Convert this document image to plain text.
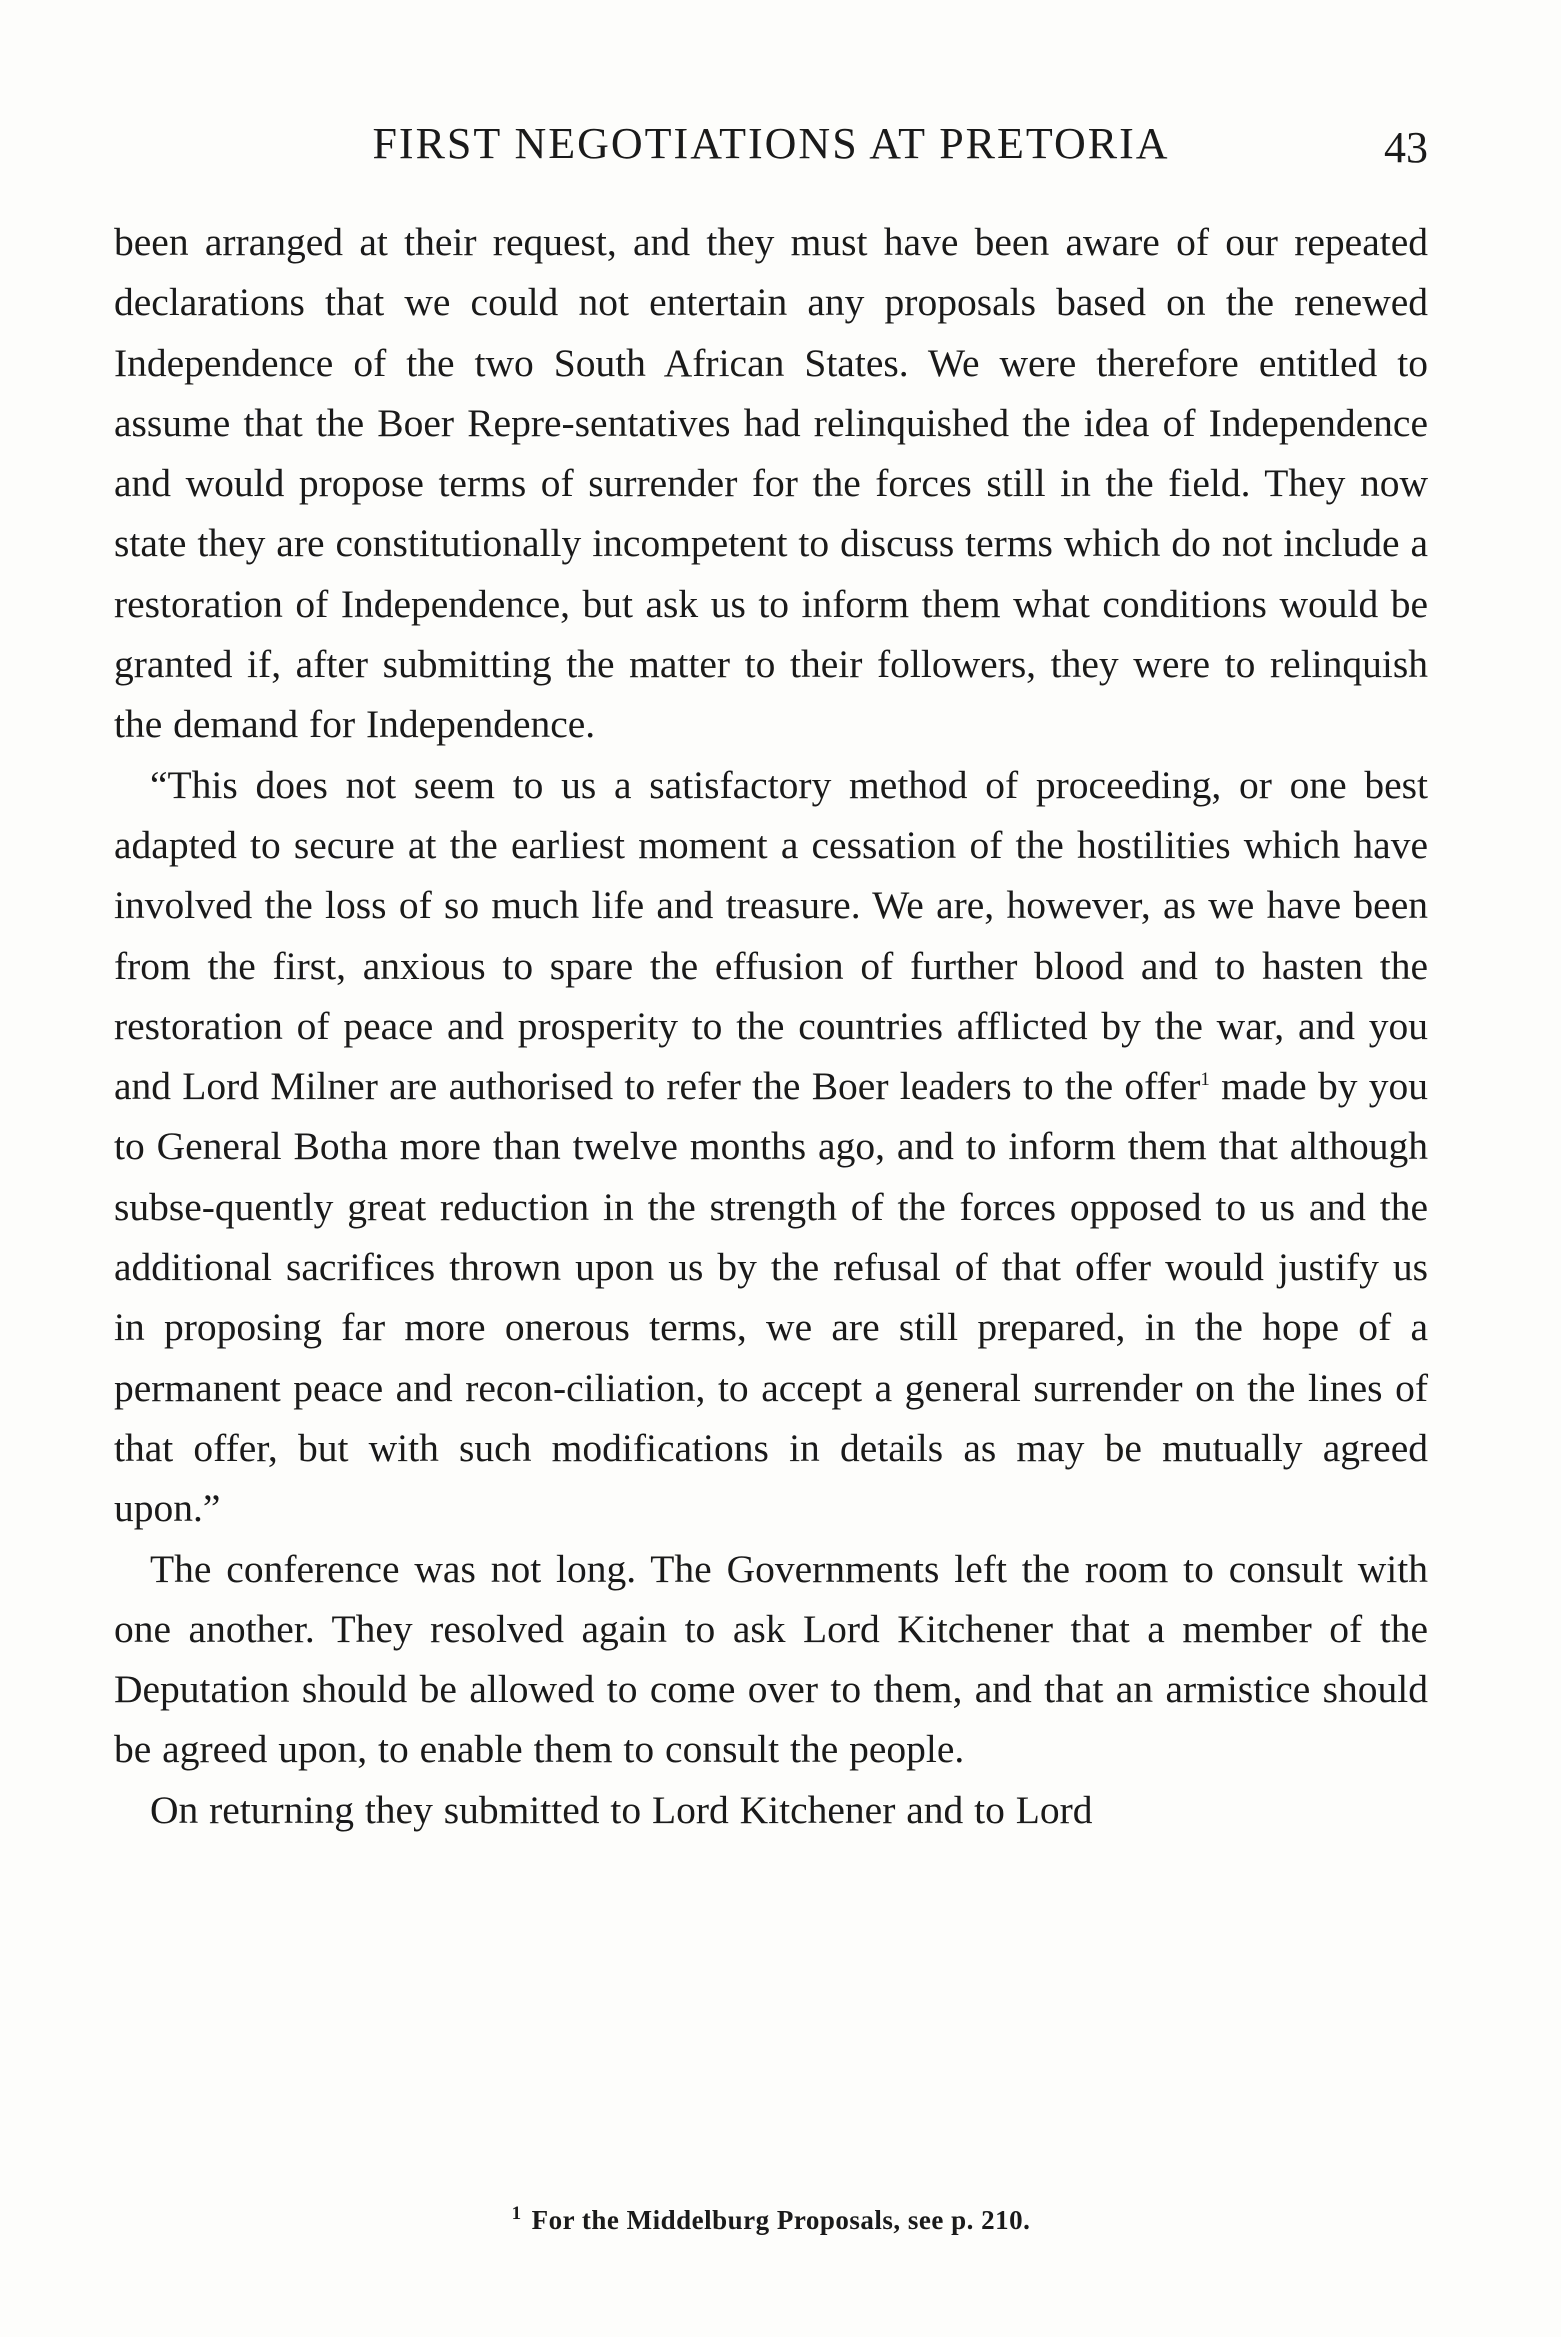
FIRST NEGOTIATIONS AT PRETORIA	43

been arranged at their request, and they must have been aware of our repeated declarations that we could not entertain any proposals based on the renewed Independence of the two South African States. We were therefore entitled to assume that the Boer Repre-sentatives had relinquished the idea of Independence and would propose terms of surrender for the forces still in the field. They now state they are constitutionally incompetent to discuss terms which do not include a restoration of Independence, but ask us to inform them what conditions would be granted if, after submitting the matter to their followers, they were to relinquish the demand for Independence.

“This does not seem to us a satisfactory method of proceeding, or one best adapted to secure at the earliest moment a cessation of the hostilities which have involved the loss of so much life and treasure. We are, however, as we have been from the first, anxious to spare the effusion of further blood and to hasten the restoration of peace and prosperity to the countries afflicted by the war, and you and Lord Milner are authorised to refer the Boer leaders to the offer$^1$ made by you to General Botha more than twelve months ago, and to inform them that although subse-quently great reduction in the strength of the forces opposed to us and the additional sacrifices thrown upon us by the refusal of that offer would justify us in proposing far more onerous terms, we are still prepared, in the hope of a permanent peace and recon-ciliation, to accept a general surrender on the lines of that offer, but with such modifications in details as may be mutually agreed upon.”

The conference was not long. The Governments left the room to consult with one another. They resolved again to ask Lord Kitchener that a member of the Deputation should be allowed to come over to them, and that an armistice should be agreed upon, to enable them to consult the people.

On returning they submitted to Lord Kitchener and to Lord

$^1$ For the Middelburg Proposals, see p. 210.
